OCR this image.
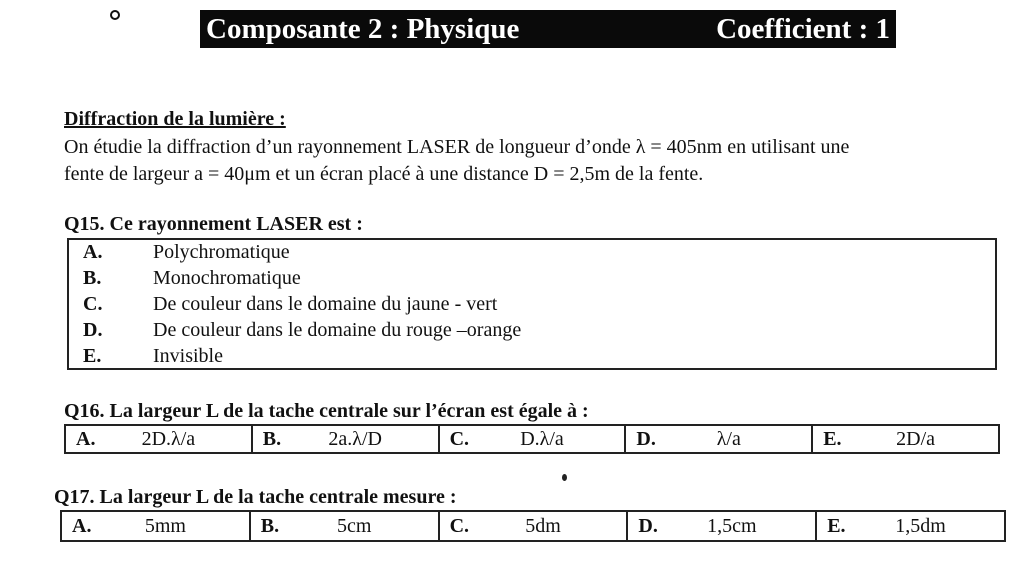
Composante 2 : Physique	Coefficient : 1
Diffraction de la lumière :
On étudie la diffraction d’un rayonnement LASER de longueur d’onde λ = 405nm en utilisant une
fente de largeur a = 40μm et un écran placé à une distance D = 2,5m de la fente.
Q15. Ce rayonnement LASER est :
A.	Polychromatique
B.	Monochromatique
C.	De couleur dans le domaine du jaune - vert
D.	De couleur dans le domaine du rouge –orange
E.	Invisible
Q16. La largeur L de la tache centrale sur l’écran est égale à :
A.	2D.λ/a	B.	2a.λ/D	C.	D.λ/a	D.	λ/a	E.	2D/a
Q17. La largeur L de la tache centrale mesure :
A.	5mm	B.	5cm	C.	5dm	D.	1,5cm	E.	1,5dm
